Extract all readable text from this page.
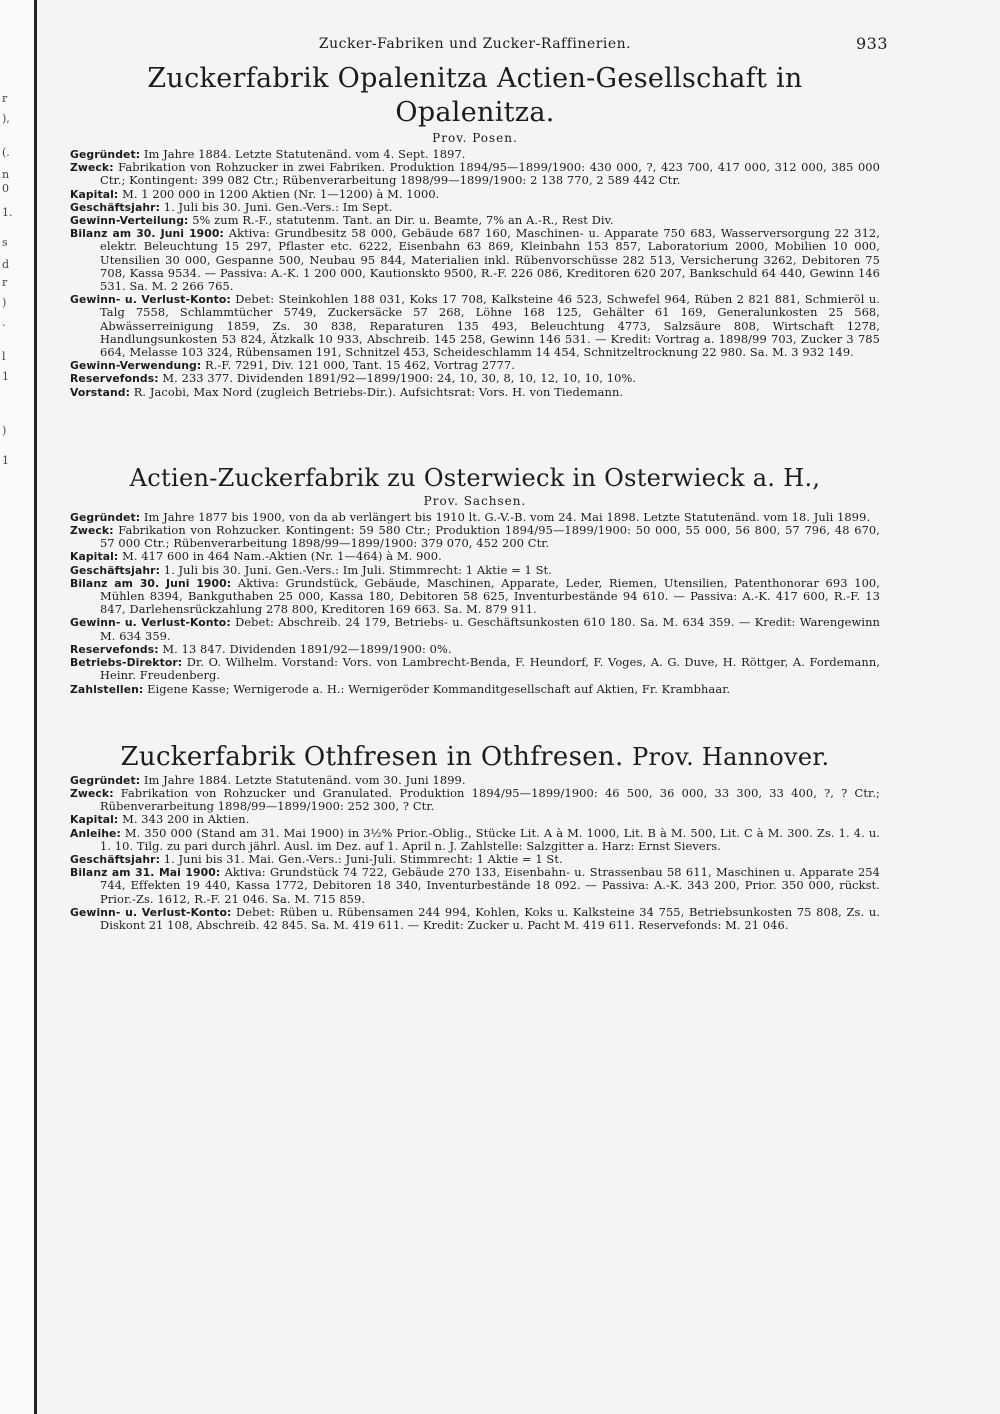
r
),
(.
n
0
1.
s
d
r
)
.
l
1
)
1
Zucker-Fabriken und Zucker-Raffinerien.	933
Zuckerfabrik Opalenitza Actien-Gesellschaft in Opalenitza.
Prov. Posen.

Gegründet: Im Jahre 1884. Letzte Statutenänd. vom 4. Sept. 1897.

Zweck: Fabrikation von Rohzucker in zwei Fabriken. Produktion 1894/95—1899/1900: 430 000, ?, 423 700, 417 000, 312 000, 385 000 Ctr.; Kontingent: 399 082 Ctr.; Rübenverarbeitung 1898/99—1899/1900: 2 138 770, 2 589 442 Ctr.

Kapital: M. 1 200 000 in 1200 Aktien (Nr. 1—1200) à M. 1000.

Geschäftsjahr: 1. Juli bis 30. Juni. Gen.-Vers.: Im Sept.

Gewinn-Verteilung: 5% zum R.-F., statutenm. Tant. an Dir. u. Beamte, 7% an A.-R., Rest Div.

Bilanz am 30. Juni 1900: Aktiva: Grundbesitz 58 000, Gebäude 687 160, Maschinen- u. Apparate 750 683, Wasserversorgung 22 312, elektr. Beleuchtung 15 297, Pflaster etc. 6222, Eisenbahn 63 869, Kleinbahn 153 857, Laboratorium 2000, Mobilien 10 000, Utensilien 30 000, Gespanne 500, Neubau 95 844, Materialien inkl. Rübenvorschüsse 282 513, Versicherung 3262, Debitoren 75 708, Kassa 9534. — Passiva: A.-K. 1 200 000, Kautionskto 9500, R.-F. 226 086, Kreditoren 620 207, Bankschuld 64 440, Gewinn 146 531. Sa. M. 2 266 765.

Gewinn- u. Verlust-Konto: Debet: Steinkohlen 188 031, Koks 17 708, Kalksteine 46 523, Schwefel 964, Rüben 2 821 881, Schmieröl u. Talg 7558, Schlammtücher 5749, Zuckersäcke 57 268, Löhne 168 125, Gehälter 61 169, Generalunkosten 25 568, Abwässerreinigung 1859, Zs. 30 838, Reparaturen 135 493, Beleuchtung 4773, Salzsäure 808, Wirtschaft 1278, Handlungsunkosten 53 824, Ätzkalk 10 933, Abschreib. 145 258, Gewinn 146 531. — Kredit: Vortrag a. 1898/99 703, Zucker 3 785 664, Melasse 103 324, Rübensamen 191, Schnitzel 453, Scheideschlamm 14 454, Schnitzeltrocknung 22 980. Sa. M. 3 932 149.

Gewinn-Verwendung: R.-F. 7291, Div. 121 000, Tant. 15 462, Vortrag 2777.

Reservefonds: M. 233 377. Dividenden 1891/92—1899/1900: 24, 10, 30, 8, 10, 12, 10, 10, 10%.

Vorstand: R. Jacobi, Max Nord (zugleich Betriebs-Dir.). Aufsichtsrat: Vors. H. von Tiedemann.

Actien-Zuckerfabrik zu Osterwieck in Osterwieck a. H.,
Prov. Sachsen.

Gegründet: Im Jahre 1877 bis 1900, von da ab verlängert bis 1910 lt. G.-V.-B. vom 24. Mai 1898. Letzte Statutenänd. vom 18. Juli 1899.

Zweck: Fabrikation von Rohzucker. Kontingent: 59 580 Ctr.; Produktion 1894/95—1899/1900: 50 000, 55 000, 56 800, 57 796, 48 670, 57 000 Ctr.; Rübenverarbeitung 1898/99—1899/1900: 379 070, 452 200 Ctr.

Kapital: M. 417 600 in 464 Nam.-Aktien (Nr. 1—464) à M. 900.

Geschäftsjahr: 1. Juli bis 30. Juni. Gen.-Vers.: Im Juli. Stimmrecht: 1 Aktie = 1 St.

Bilanz am 30. Juni 1900: Aktiva: Grundstück, Gebäude, Maschinen, Apparate, Leder, Riemen, Utensilien, Patenthonorar 693 100, Mühlen 8394, Bankguthaben 25 000, Kassa 180, Debitoren 58 625, Inventurbestände 94 610. — Passiva: A.-K. 417 600, R.-F. 13 847, Darlehensrückzahlung 278 800, Kreditoren 169 663. Sa. M. 879 911.

Gewinn- u. Verlust-Konto: Debet: Abschreib. 24 179, Betriebs- u. Geschäftsunkosten 610 180. Sa. M. 634 359. — Kredit: Warengewinn M. 634 359.

Reservefonds: M. 13 847. Dividenden 1891/92—1899/1900: 0%.

Betriebs-Direktor: Dr. O. Wilhelm. Vorstand: Vors. von Lambrecht-Benda, F. Heundorf, F. Voges, A. G. Duve, H. Röttger, A. Fordemann, Heinr. Freudenberg.

Zahlstellen: Eigene Kasse; Wernigerode a. H.: Wernigeröder Kommanditgesellschaft auf Aktien, Fr. Krambhaar.

Zuckerfabrik Othfresen in Othfresen. Prov. Hannover.

Gegründet: Im Jahre 1884. Letzte Statutenänd. vom 30. Juni 1899.

Zweck: Fabrikation von Rohzucker und Granulated. Produktion 1894/95—1899/1900: 46 500, 36 000, 33 300, 33 400, ?, ? Ctr.; Rübenverarbeitung 1898/99—1899/1900: 252 300, ? Ctr.

Kapital: M. 343 200 in Aktien.

Anleihe: M. 350 000 (Stand am 31. Mai 1900) in 3½% Prior.-Oblig., Stücke Lit. A à M. 1000, Lit. B à M. 500, Lit. C à M. 300. Zs. 1. 4. u. 1. 10. Tilg. zu pari durch jährl. Ausl. im Dez. auf 1. April n. J. Zahlstelle: Salzgitter a. Harz: Ernst Sievers.

Geschäftsjahr: 1. Juni bis 31. Mai. Gen.-Vers.: Juni-Juli. Stimmrecht: 1 Aktie = 1 St.

Bilanz am 31. Mai 1900: Aktiva: Grundstück 74 722, Gebäude 270 133, Eisenbahn- u. Strassenbau 58 611, Maschinen u. Apparate 254 744, Effekten 19 440, Kassa 1772, Debitoren 18 340, Inventurbestände 18 092. — Passiva: A.-K. 343 200, Prior. 350 000, rückst. Prior.-Zs. 1612, R.-F. 21 046. Sa. M. 715 859.

Gewinn- u. Verlust-Konto: Debet: Rüben u. Rübensamen 244 994, Kohlen, Koks u. Kalksteine 34 755, Betriebsunkosten 75 808, Zs. u. Diskont 21 108, Abschreib. 42 845. Sa. M. 419 611. — Kredit: Zucker u. Pacht M. 419 611. Reservefonds: M. 21 046.
